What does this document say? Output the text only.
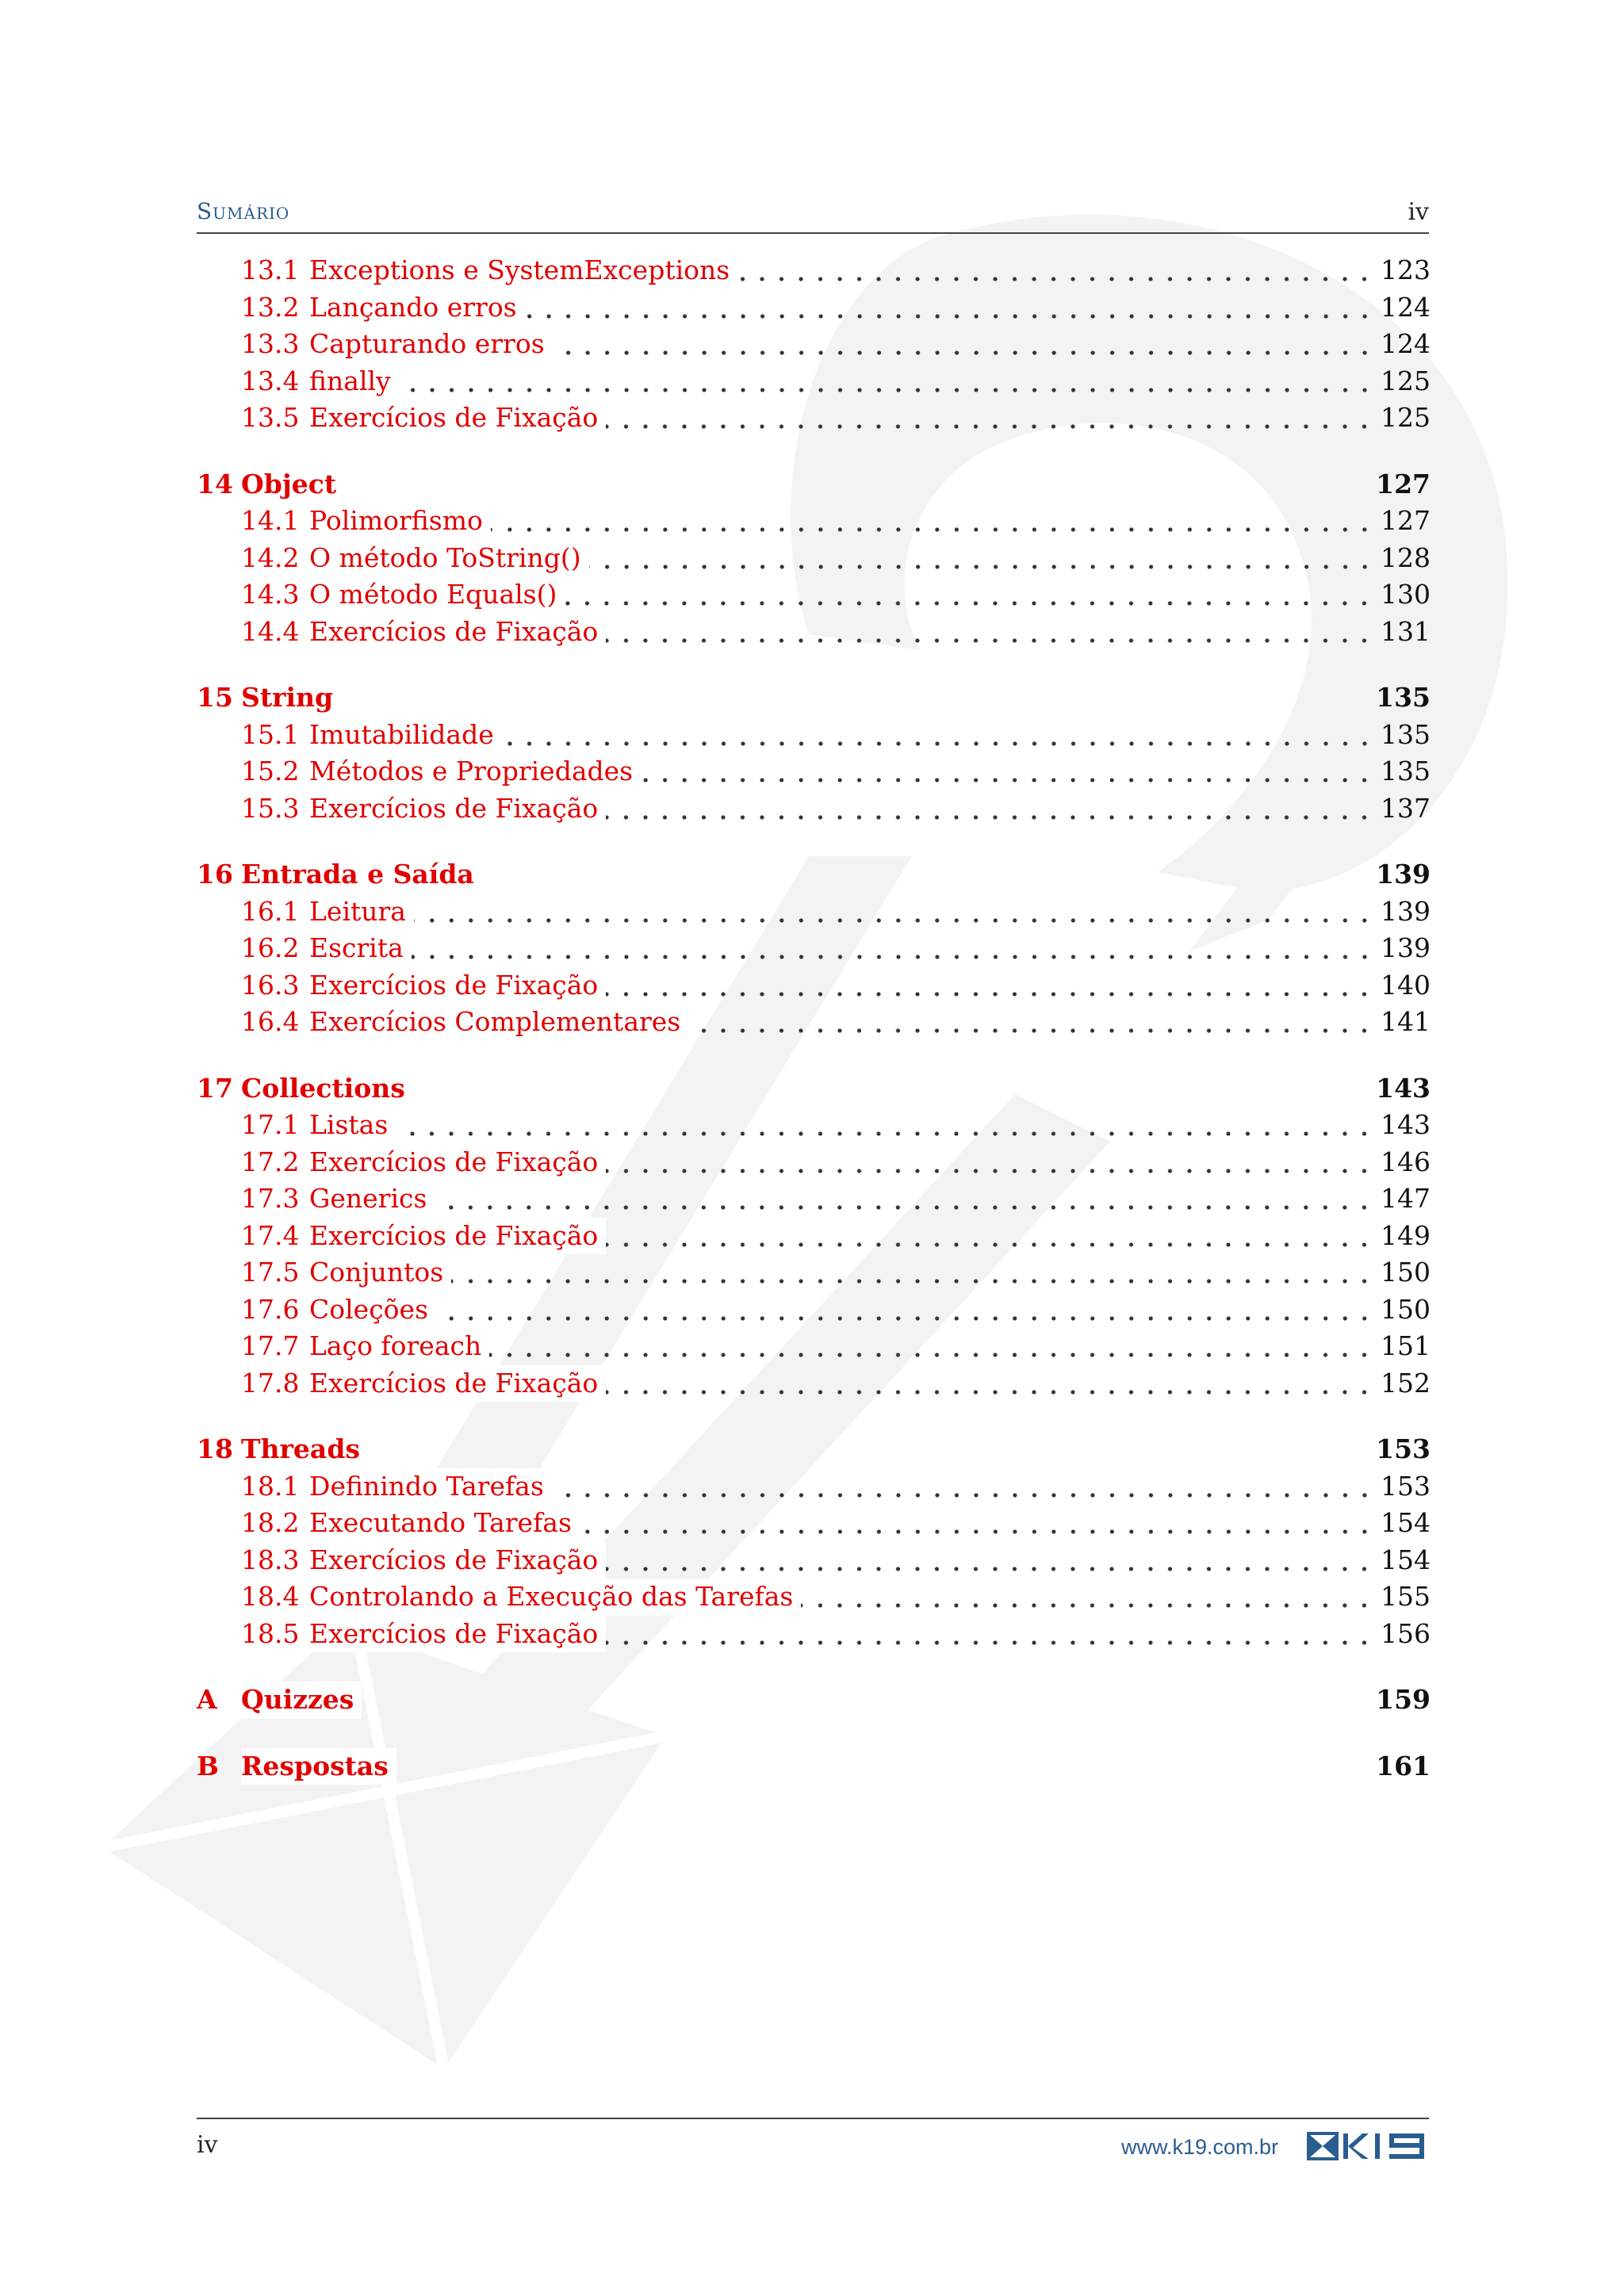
Sumário	iv
13.1 Exceptions e SystemExceptions	123
13.2 Lançando erros	124
13.3 Capturando erros	124
13.4 finally	125
13.5 Exercícios de Fixação	125
14 Object	127
14.1 Polimorfismo	127
14.2 O método ToString()	128
14.3 O método Equals()	130
14.4 Exercícios de Fixação	131
15 String	135
15.1 Imutabilidade	135
15.2 Métodos e Propriedades	135
15.3 Exercícios de Fixação	137
16 Entrada e Saída	139
16.1 Leitura	139
16.2 Escrita	139
16.3 Exercícios de Fixação	140
16.4 Exercícios Complementares	141
17 Collections	143
17.1 Listas	143
17.2 Exercícios de Fixação	146
17.3 Generics	147
17.4 Exercícios de Fixação	149
17.5 Conjuntos	150
17.6 Coleções	150
17.7 Laço foreach	151
17.8 Exercícios de Fixação	152
18 Threads	153
18.1 Definindo Tarefas	153
18.2 Executando Tarefas	154
18.3 Exercícios de Fixação	154
18.4 Controlando a Execução das Tarefas	155
18.5 Exercícios de Fixação	156
A Quizzes	159
B Respostas	161
iv	www.k19.com.br
